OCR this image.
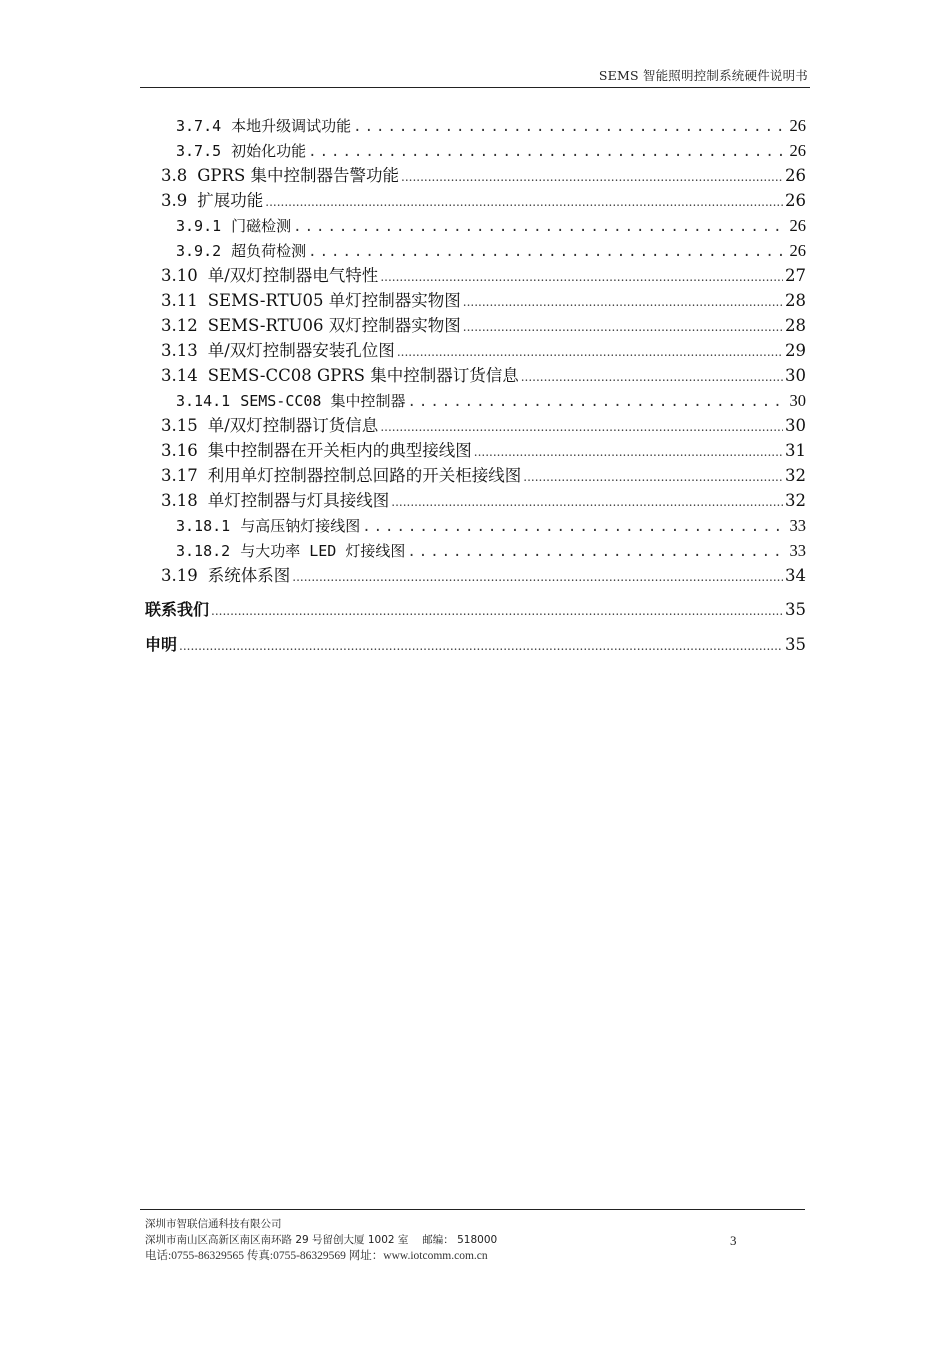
SEMS 智能照明控制系统硬件说明书
3.7.4 本地升级调试功能 .....	26
3.7.5 初始化功能 .....	26
3.8 GPRS 集中控制器告警功能 .....	26
3.9 扩展功能 .....	26
3.9.1 门磁检测 .....	26
3.9.2 超负荷检测 .....	26
3.10 单/双灯控制器电气特性 .....	27
3.11 SEMS-RTU05 单灯控制器实物图 .....	28
3.12 SEMS-RTU06 双灯控制器实物图 .....	28
3.13 单/双灯控制器安装孔位图 .....	29
3.14 SEMS-CC08 GPRS 集中控制器订货信息 .....	30
3.14.1 SEMS-CC08 集中控制器 .....	30
3.15 单/双灯控制器订货信息 .....	30
3.16 集中控制器在开关柜内的典型接线图 .....	31
3.17 利用单灯控制器控制总回路的开关柜接线图 .....	32
3.18 单灯控制器与灯具接线图 .....	32
3.18.1 与高压钠灯接线图 .....	33
3.18.2 与大功率 LED 灯接线图 .....	33
3.19 系统体系图 .....	34
联系我们 .....	35
申明 .....	35
深圳市智联信通科技有限公司
深圳市南山区高新区南区南环路 29 号留创大厦 1002 室　 邮编： 518000
电话:0755-86329565 传真:0755-86329569 网址：www.iotcomm.com.cn
3
